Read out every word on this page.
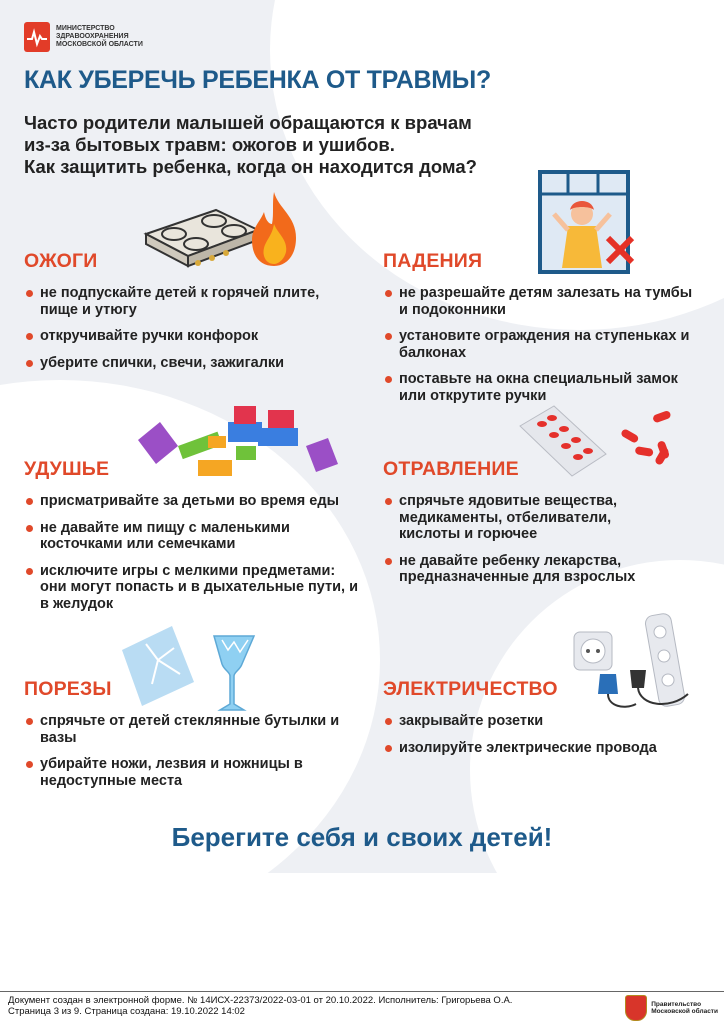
МИНИСТЕРСТВО
ЗДРАВООХРАНЕНИЯ
МОСКОВСКОЙ ОБЛАСТИ
КАК УБЕРЕЧЬ РЕБЕНКА ОТ ТРАВМЫ?
Часто родители малышей обращаются к врачам
из-за бытовых травм: ожогов и ушибов.
Как защитить ребенка, когда он находится дома?
ОЖОГИ
не подпускайте детей к горячей плите, пище и утюгу
откручивайте ручки конфорок
уберите спички, свечи, зажигалки
ПАДЕНИЯ
не разрешайте детям залезать на тумбы и подоконники
установите ограждения на ступеньках и балконах
поставьте на окна специальный замок или открутите ручки
УДУШЬЕ
присматривайте за детьми во время еды
не давайте им пищу с маленькими косточками или семечками
исключите игры с мелкими предметами: они могут попасть и в дыхательные пути, и в желудок
ОТРАВЛЕНИЕ
спрячьте ядовитые вещества, медикаменты, отбеливатели, кислоты и горючее
не давайте ребенку лекарства, предназначенные для взрослых
ПОРЕЗЫ
спрячьте от детей стеклянные бутылки и вазы
убирайте ножи, лезвия и ножницы в недоступные места
ЭЛЕКТРИЧЕСТВО
закрывайте розетки
изолируйте электрические провода
Берегите себя и своих детей!
Документ создан в электронной форме. № 14ИСХ-22373/2022-03-01 от 20.10.2022. Исполнитель: Григорьева О.А.
Страница 3 из 9. Страница создана: 19.10.2022 14:02
Правительство
Московской области
